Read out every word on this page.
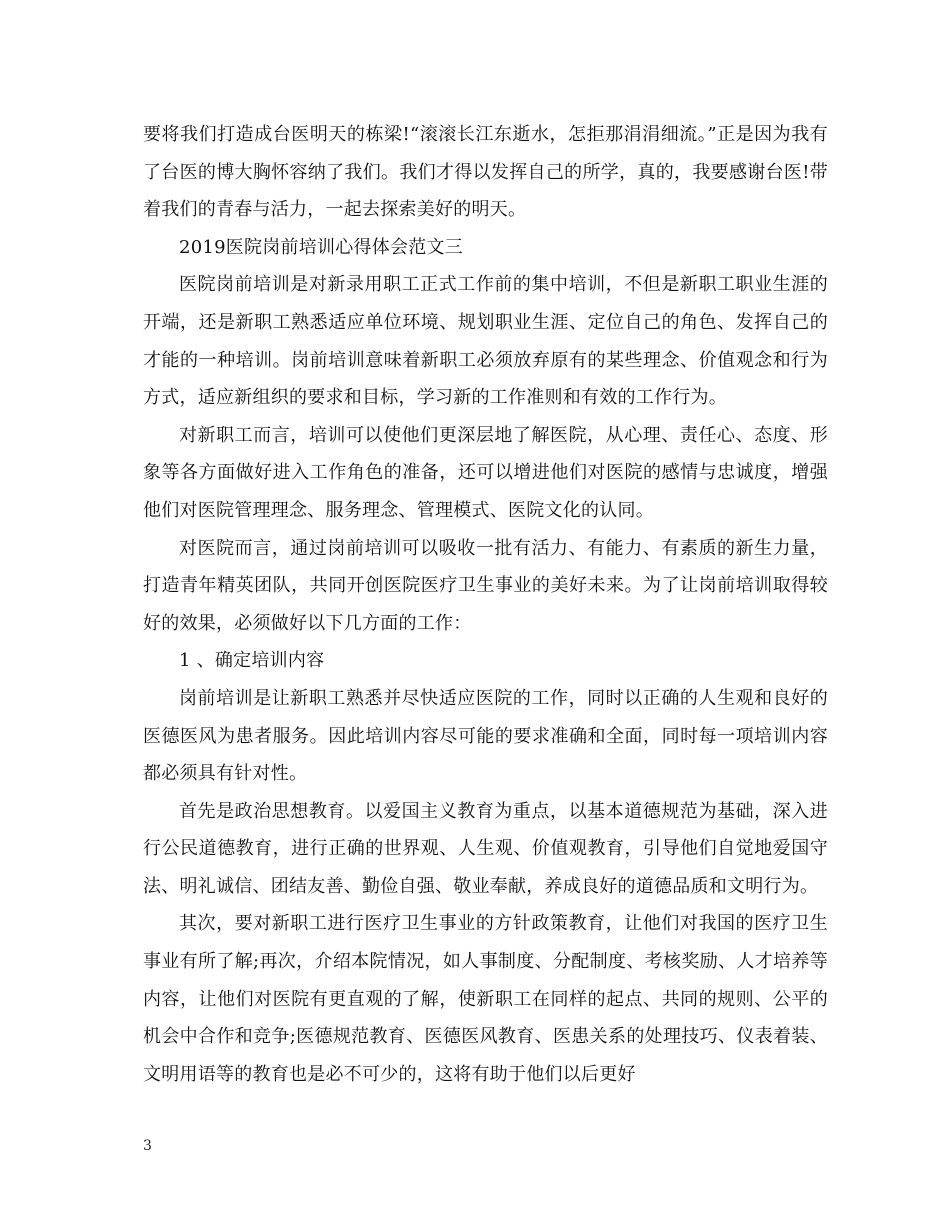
要将我们打造成台医明天的栋梁!“滚滚长江东逝水，怎拒那涓涓细流。”正是因为我有了台医的博大胸怀容纳了我们。我们才得以发挥自己的所学，真的，我要感谢台医!带着我们的青春与活力，一起去探索美好的明天。

2019医院岗前培训心得体会范文三

医院岗前培训是对新录用职工正式工作前的集中培训，不但是新职工职业生涯的开端，还是新职工熟悉适应单位环境、规划职业生涯、定位自己的角色、发挥自己的才能的一种培训。岗前培训意味着新职工必须放弃原有的某些理念、价值观念和行为方式，适应新组织的要求和目标，学习新的工作准则和有效的工作行为。

对新职工而言，培训可以使他们更深层地了解医院，从心理、责任心、态度、形象等各方面做好进入工作角色的准备，还可以增进他们对医院的感情与忠诚度，增强他们对医院管理理念、服务理念、管理模式、医院文化的认同。

对医院而言，通过岗前培训可以吸收一批有活力、有能力、有素质的新生力量，打造青年精英团队，共同开创医院医疗卫生事业的美好未来。为了让岗前培训取得较好的效果，必须做好以下几方面的工作：

1 、确定培训内容

岗前培训是让新职工熟悉并尽快适应医院的工作，同时以正确的人生观和良好的医德医风为患者服务。因此培训内容尽可能的要求准确和全面，同时每一项培训内容都必须具有针对性。

首先是政治思想教育。以爱国主义教育为重点，以基本道德规范为基础，深入进行公民道德教育，进行正确的世界观、人生观、价值观教育，引导他们自觉地爱国守法、明礼诚信、团结友善、勤俭自强、敬业奉献，养成良好的道德品质和文明行为。

其次，要对新职工进行医疗卫生事业的方针政策教育，让他们对我国的医疗卫生事业有所了解;再次，介绍本院情况，如人事制度、分配制度、考核奖励、人才培养等内容，让他们对医院有更直观的了解，使新职工在同样的起点、共同的规则、公平的机会中合作和竞争;医德规范教育、医德医风教育、医患关系的处理技巧、仪表着装、文明用语等的教育也是必不可少的，这将有助于他们以后更好

3
